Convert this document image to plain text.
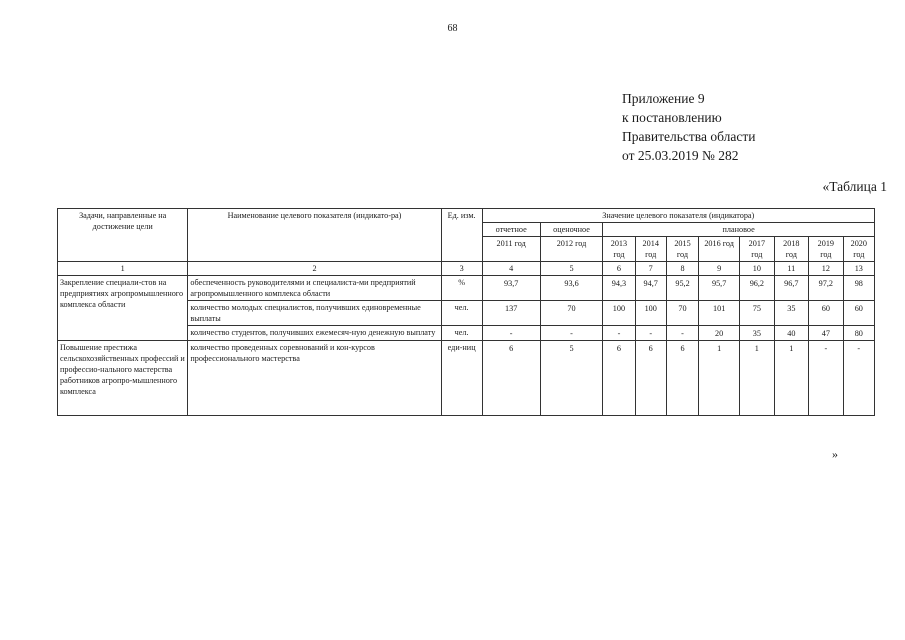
68
Приложение 9
к постановлению
Правительства области
от 25.03.2019 № 282
«Таблица 1
Задачи, направленные на достижение цели	Наименование целевого показателя (индикато-ра)	Ед. изм.	Значение целевого показателя (индикатора)									
			отчетное	оценочное	плановое							
			2011 год	2012 год	2013 год	2014 год	2015 год	2016 год	2017 год	2018 год	2019 год	2020 год
1	2	3	4	5	6	7	8	9	10	11	12	13
Закрепление специали-стов на предприятиях агропромышленного комплекса области	обеспеченность руководителями и специалиста-ми предприятий агропромышленного комплекса области	%	93,7	93,6	94,3	94,7	95,2	95,7	96,2	96,7	97,2	98
	количество молодых специалистов, получивших единовременные выплаты	чел.	137	70	100	100	70	101	75	35	60	60
	количество студентов, получивших ежемесяч-ную денежную выплату	чел.	-	-	-	-	-	20	35	40	47	80
Повышение престижа сельскохозяйственных профессий и профессио-нального мастерства работников агропро-мышленного комплекса	количество проведенных соревнований и кон-курсов профессионального мастерства	еди-ниц	6	5	6	6	6	1	1	1	-	-
»
